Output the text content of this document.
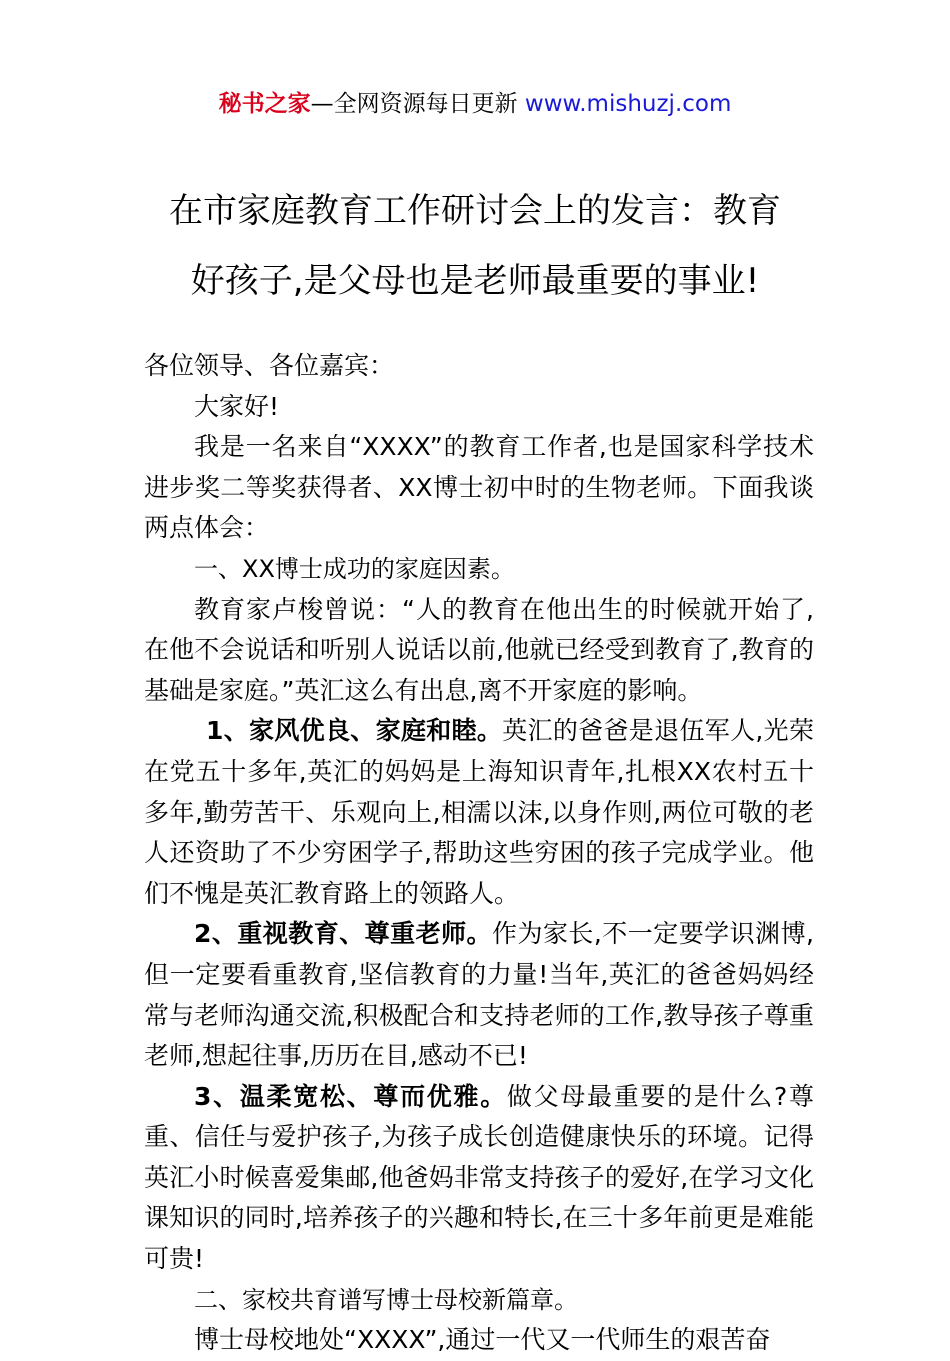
秘书之家—全网资源每日更新 www.mishuzj.com
在市家庭教育工作研讨会上的发言：教育
好孩子,是父母也是老师最重要的事业!

各位领导、各位嘉宾：

大家好!

我是一名来自“XXXX”的教育工作者,也是国家科学技术进步奖二等奖获得者、XX博士初中时的生物老师。下面我谈两点体会：

一、XX博士成功的家庭因素。

教育家卢梭曾说：“人的教育在他出生的时候就开始了,在他不会说话和听别人说话以前,他就已经受到教育了,教育的基础是家庭。”英汇这么有出息,离不开家庭的影响。

1、家风优良、家庭和睦。英汇的爸爸是退伍军人,光荣在党五十多年,英汇的妈妈是上海知识青年,扎根XX农村五十多年,勤劳苦干、乐观向上,相濡以沫,以身作则,两位可敬的老人还资助了不少穷困学子,帮助这些穷困的孩子完成学业。他们不愧是英汇教育路上的领路人。

2、重视教育、尊重老师。作为家长,不一定要学识渊博,但一定要看重教育,坚信教育的力量!当年,英汇的爸爸妈妈经常与老师沟通交流,积极配合和支持老师的工作,教导孩子尊重老师,想起往事,历历在目,感动不已!

3、温柔宽松、尊而优雅。做父母最重要的是什么?尊重、信任与爱护孩子,为孩子成长创造健康快乐的环境。记得英汇小时候喜爱集邮,他爸妈非常支持孩子的爱好,在学习文化课知识的同时,培养孩子的兴趣和特长,在三十多年前更是难能可贵!

二、家校共育谱写博士母校新篇章。

博士母校地处“XXXX”,通过一代又一代师生的艰苦奋
